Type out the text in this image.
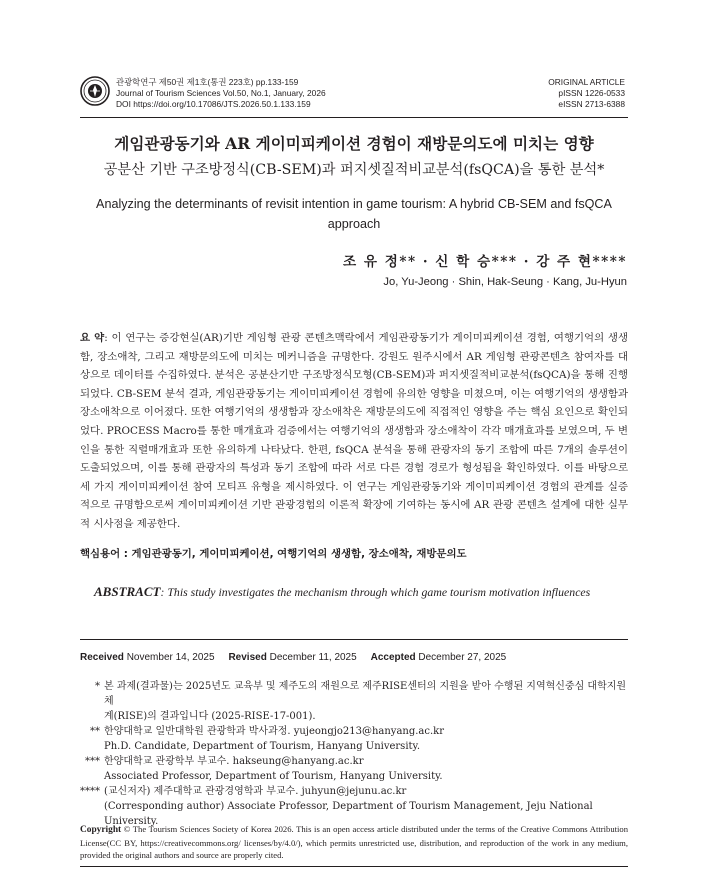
관광학연구 제50권 제1호(통권 223호) pp.133-159
Journal of Tourism Sciences Vol.50, No.1, January, 2026
DOI https://doi.org/10.17086/JTS.2026.50.1.133.159
ORIGINAL ARTICLE
pISSN 1226-0533
eISSN 2713-6388
게임관광동기와 AR 게이미피케이션 경험이 재방문의도에 미치는 영향
공분산 기반 구조방정식(CB-SEM)과 퍼지셋질적비교분석(fsQCA)을 통한 분석*
Analyzing the determinants of revisit intention in game tourism: A hybrid CB-SEM and fsQCA
approach
조 유 정** · 신 학 승*** · 강 주 현****
Jo, Yu-Jeong · Shin, Hak-Seung · Kang, Ju-Hyun
요 약: 이 연구는 증강현실(AR)기반 게임형 관광 콘텐츠맥락에서 게임관광동기가 게이미피케이션 경험, 여행기억의 생생함, 장소애착, 그리고 재방문의도에 미치는 메커니즘을 규명한다. 강원도 원주시에서 AR 게임형 관광콘텐츠 참여자를 대상으로 데이터를 수집하였다. 분석은 공분산기반 구조방정식모형(CB-SEM)과 퍼지셋질적비교분석(fsQCA)을 통해 진행되었다. CB-SEM 분석 결과, 게임관광동기는 게이미피케이션 경험에 유의한 영향을 미쳤으며, 이는 여행기억의 생생함과 장소애착으로 이어졌다. 또한 여행기억의 생생함과 장소애착은 재방문의도에 직접적인 영향을 주는 핵심 요인으로 확인되었다. PROCESS Macro를 통한 매개효과 검증에서는 여행기억의 생생함과 장소애착이 각각 매개효과를 보였으며, 두 변인을 통한 직렬매개효과 또한 유의하게 나타났다. 한편, fsQCA 분석을 통해 관광자의 동기 조합에 따른 7개의 솔루션이 도출되었으며, 이를 통해 관광자의 특성과 동기 조합에 따라 서로 다른 경험 경로가 형성됨을 확인하였다. 이를 바탕으로 세 가지 게이미피케이션 참여 모티프 유형을 제시하였다. 이 연구는 게임관광동기와 게이미피케이션 경험의 관계를 실증적으로 규명함으로써 게이미피케이션 기반 관광경험의 이론적 확장에 기여하는 동시에 AR 관광 콘텐츠 설계에 대한 실무적 시사점을 제공한다.
핵심용어 : 게임관광동기, 게이미피케이션, 여행기억의 생생함, 장소애착, 재방문의도
ABSTRACT: This study investigates the mechanism through which game tourism motivation influences
Received November 14, 2025 Revised December 11, 2025 Accepted December 27, 2025
* 본 과제(결과물)는 2025년도 교육부 및 제주도의 재원으로 제주RISE센터의 지원을 받아 수행된 지역혁신중심 대학지원체
계(RISE)의 결과입니다 (2025-RISE-17-001).
** 한양대학교 일반대학원 관광학과 박사과정. yujeongjo213@hanyang.ac.kr
Ph.D. Candidate, Department of Tourism, Hanyang University.
*** 한양대학교 관광학부 부교수. hakseung@hanyang.ac.kr
Associated Professor, Department of Tourism, Hanyang University.
**** (교신저자) 제주대학교 관광경영학과 부교수. juhyun@jejunu.ac.kr
(Corresponding author) Associate Professor, Department of Tourism Management, Jeju National University.
Copyright © The Tourism Sciences Society of Korea 2026. This is an open access article distributed under the terms of the Creative Commons Attribution License(CC BY, https://creativecommons.org/ licenses/by/4.0/), which permits unrestricted use, distribution, and reproduction of the work in any medium, provided the original authors and source are properly cited.
